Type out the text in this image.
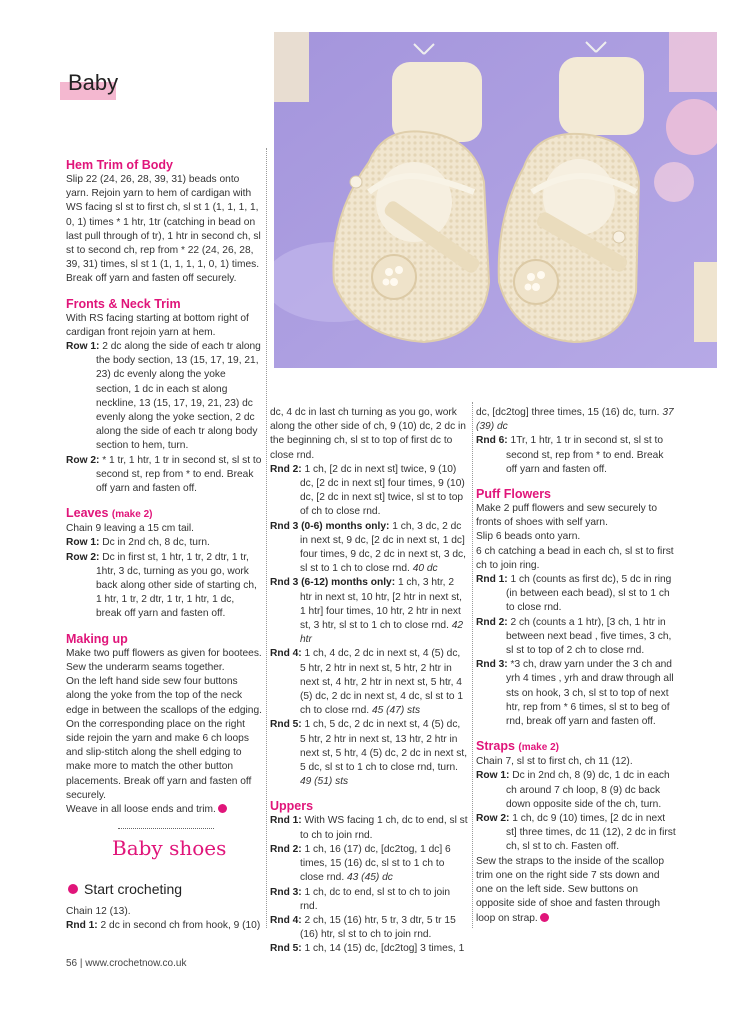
Baby
Hem Trim of Body

Slip 22 (24, 26, 28, 39, 31) beads onto yarn. Rejoin yarn to hem of cardigan with WS facing sl st to first ch, sl st 1 (1, 1, 1, 1, 0, 1) times * 1 htr, 1tr (catching in bead on last pull through of tr), 1 htr in second ch, sl st to second ch, rep from * 22 (24, 26, 28, 39, 31) times, sl st 1 (1, 1, 1, 1, 0, 1) times. Break off yarn and fasten off securely.

Fronts & Neck Trim

With RS facing starting at bottom right of cardigan front rejoin yarn at hem.

Row 1: 2 dc along the side of each tr along the body section, 13 (15, 17, 19, 21, 23) dc evenly along the yoke section, 1 dc in each st along neckline, 13 (15, 17, 19, 21, 23) dc evenly along the yoke section, 2 dc along the side of each tr along body section to hem, turn.

Row 2: * 1 tr, 1 htr, 1 tr in second st, sl st to second st, rep from * to end. Break off yarn and fasten off.

Leaves (make 2)

Chain 9 leaving a 15 cm tail.

Row 1: Dc in 2nd ch, 8 dc, turn.

Row 2: Dc in first st, 1 htr, 1 tr, 2 dtr, 1 tr, 1htr, 3 dc, turning as you go, work back along other side of starting ch, 1 htr, 1 tr, 2 dtr, 1 tr, 1 htr, 1 dc, break off yarn and fasten off.

Making up

Make two puff flowers as given for bootees.

Sew the underarm seams together.

On the left hand side sew four buttons along the yoke from the top of the neck edge in between the scallops of the edging.

On the corresponding place on the right side rejoin the yarn and make 6 ch loops and slip-stitch along the shell edging to make more to match the other button placements. Break off yarn and fasten off securely.

Weave in all loose ends and trim.

Baby shoes
Start crocheting

Chain 12 (13).

Rnd 1: 2 dc in second ch from hook, 9 (10)

dc, 4 dc in last ch turning as you go, work along the other side of ch, 9 (10) dc, 2 dc in the beginning ch, sl st to top of first dc to close rnd.

Rnd 2: 1 ch, [2 dc in next st] twice, 9 (10) dc, [2 dc in next st] four times, 9 (10) dc, [2 dc in next st] twice, sl st to top of ch to close rnd.

Rnd 3 (0-6) months only: 1 ch, 3 dc, 2 dc in next st, 9 dc, [2 dc in next st, 1 dc] four times, 9 dc, 2 dc in next st, 3 dc, sl st to 1 ch to close rnd. 40 dc

Rnd 3 (6-12) months only: 1 ch, 3 htr, 2 htr in next st, 10 htr, [2 htr in next st, 1 htr] four times, 10 htr, 2 htr in next st, 3 htr, sl st to 1 ch to close rnd. 42 htr

Rnd 4: 1 ch, 4 dc, 2 dc in next st, 4 (5) dc, 5 htr, 2 htr in next st, 5 htr, 2 htr in next st, 4 htr, 2 htr in next st, 5 htr, 4 (5) dc, 2 dc in next st, 4 dc, sl st to 1 ch to close rnd. 45 (47) sts

Rnd 5: 1 ch, 5 dc, 2 dc in next st, 4 (5) dc, 5 htr, 2 htr in next st, 13 htr, 2 htr in next st, 5 htr, 4 (5) dc, 2 dc in next st, 5 dc, sl st to 1 ch to close rnd, turn. 49 (51) sts

Uppers

Rnd 1: With WS facing 1 ch, dc to end, sl st to ch to join rnd.

Rnd 2: 1 ch, 16 (17) dc, [dc2tog, 1 dc] 6 times, 15 (16) dc, sl st to 1 ch to close rnd. 43 (45) dc

Rnd 3: 1 ch, dc to end, sl st to ch to join rnd.

Rnd 4: 2 ch, 15 (16) htr, 5 tr, 3 dtr, 5 tr 15 (16) htr, sl st to ch to join rnd.

Rnd 5: 1 ch, 14 (15) dc, [dc2tog] 3 times, 1

dc, [dc2tog] three times, 15 (16) dc, turn. 37 (39) dc

Rnd 6: 1Tr, 1 htr, 1 tr in second st, sl st to second st, rep from * to end. Break off yarn and fasten off.

Puff Flowers

Make 2 puff flowers and sew securely to fronts of shoes with self yarn.

Slip 6 beads onto yarn.

6 ch catching a bead in each ch, sl st to first ch to join ring.

Rnd 1: 1 ch (counts as first dc), 5 dc in ring (in between each bead), sl st to 1 ch to close rnd.

Rnd 2: 2 ch (counts a 1 htr), [3 ch, 1 htr in between next bead , five times, 3 ch, sl st to top of 2 ch to close rnd.

Rnd 3: *3 ch, draw yarn under the 3 ch and yrh 4 times , yrh and draw through all sts on hook, 3 ch, sl st to top of next htr, rep from * 6 times, sl st to beg of rnd, break off yarn and fasten off.

Straps (make 2)

Chain 7, sl st to first ch, ch 11 (12).

Row 1: Dc in 2nd ch, 8 (9) dc, 1 dc in each ch around 7 ch loop, 8 (9) dc back down opposite side of the ch, turn.

Row 2: 1 ch, dc 9 (10) times, [2 dc in next st] three times, dc 11 (12), 2 dc in first ch, sl st to ch. Fasten off.

Sew the straps to the inside of the scallop trim one on the right side 7 sts down and one on the left side. Sew buttons on opposite side of shoe and fasten through loop on strap.

56 | www.crochetnow.co.uk
